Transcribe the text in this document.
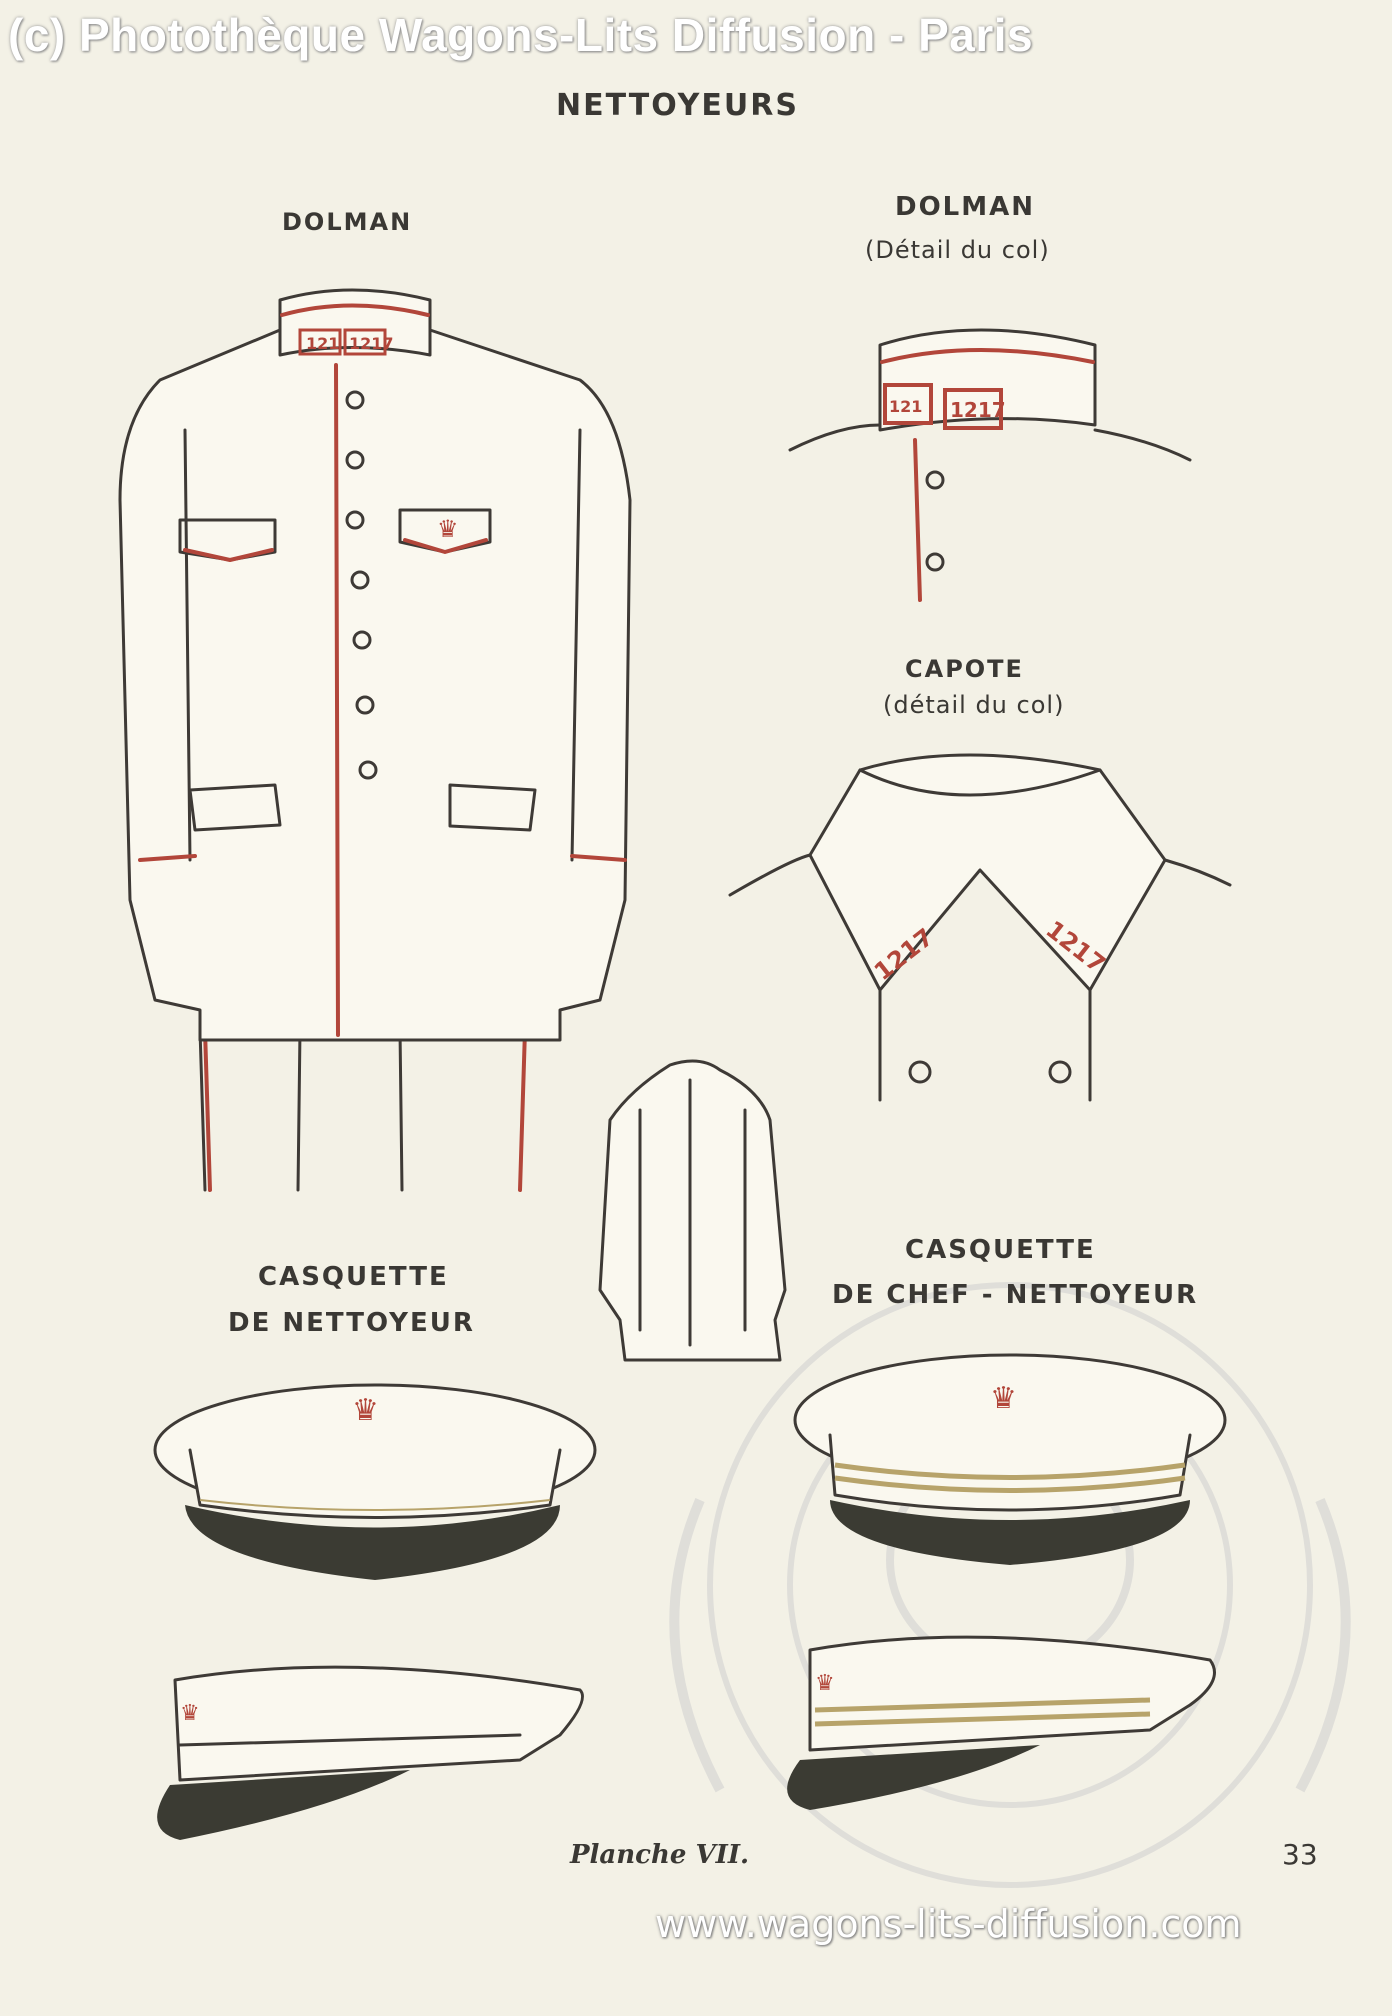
121 1217
♛
121 1217
1217	1217
♛
♛
♛
♛
(c) Photothèque Wagons-Lits Diffusion - Paris
NETTOYEURS
DOLMAN	DOLMAN
(Détail du col)
CAPOTE
(détail du col)
CASQUETTE
DE NETTOYEUR
CASQUETTE
DE CHEF - NETTOYEUR
Planche VII.	33
www.wagons-lits-diffusion.com
